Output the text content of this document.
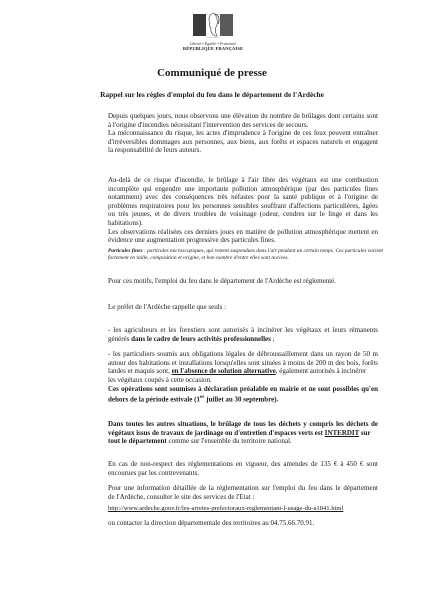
Liberté • Égalité • Fraternité
RÉPUBLIQUE FRANÇAISE
Communiqué de presse
Rappel sur les règles d'emploi du feu dans le département de l'Ardèche
Depuis quelques jours, nous observons une élévation du nombre de brûlages dont certains sont
à l'origine d'incendies nécessitant l'intervention des services de secours.
La méconnaissance du risque, les actes d'imprudence à l'origine de ces feux peuvent entraîner
d'irréversibles dommages aux personnes, aux biens, aux forêts et espaces naturels et engagent
la responsabilité de leurs auteurs.
Au-delà de ce risque d'incendie, le brûlage à l'air libre des végétaux est une combustion
incomplète qui engendre une importante pollution atmosphérique (par des particules fines
notamment) avec des conséquences très néfastes pour la santé publique et à l'origine de
problèmes respiratoires pour les personnes sensibles souffrant d'affections particulières, âgées
ou très jeunes, et de divers troubles de voisinage (odeur, cendres sur le linge et dans les
habitations).
Les observations réalisées ces derniers jours en matière de pollution atmosphérique mettent en
évidence une augmentation progressive des particules fines.
Particules fines : particules microscopiques, qui restent suspendues dans l'air pendant un certain temps. Ces particules varient
fortement en taille, composition et origine, et bon nombre d'entre elles sont nocives.
Pour ces motifs, l'emploi du feu dans le département de l'Ardèche est réglementé.
Le préfet de l'Ardèche rappelle que seuls :
- les agriculteurs et les forestiers sont autorisés à incinérer les végétaux et leurs rémanents
générés dans le cadre de leurs activités professionnelles ;
- les particuliers soumis aux obligations légales de débroussaillement dans un rayon de 50 m
autour des habitations et installations lorsqu'elles sont situées à moins de 200 m des bois, forêts
landes et maquis sont, en l'absence de solution alternative, également autorisés à incinérer
les végétaux coupés à cette occasion.
Ces opérations sont soumises à déclaration préalable en mairie et ne sont possibles qu'en
dehors de la période estivale (1er juillet au 30 septembre).
Dans toutes les autres situations, le brûlage de tous les déchets y compris les déchets de
végétaux issus de travaux de jardinage ou d'entretien d'espaces verts est INTERDIT sur
tout le département comme sur l'ensemble du territoire national.
En cas de non-respect des réglementations en vigueur, des amendes de 135 € à 450 € sont
encourues par les contrevenants.
Pour une information détaillée de la réglementation sur l'emploi du feu dans le département
de l'Ardèche, consulter le site des services de l'Etat :
http://www.ardeche.gouv.fr/les-arretes-prefectoraux-reglementant-l-usage-du-a1841.html
ou contacter la direction départementale des territoires au 04.75.66.70.91.
